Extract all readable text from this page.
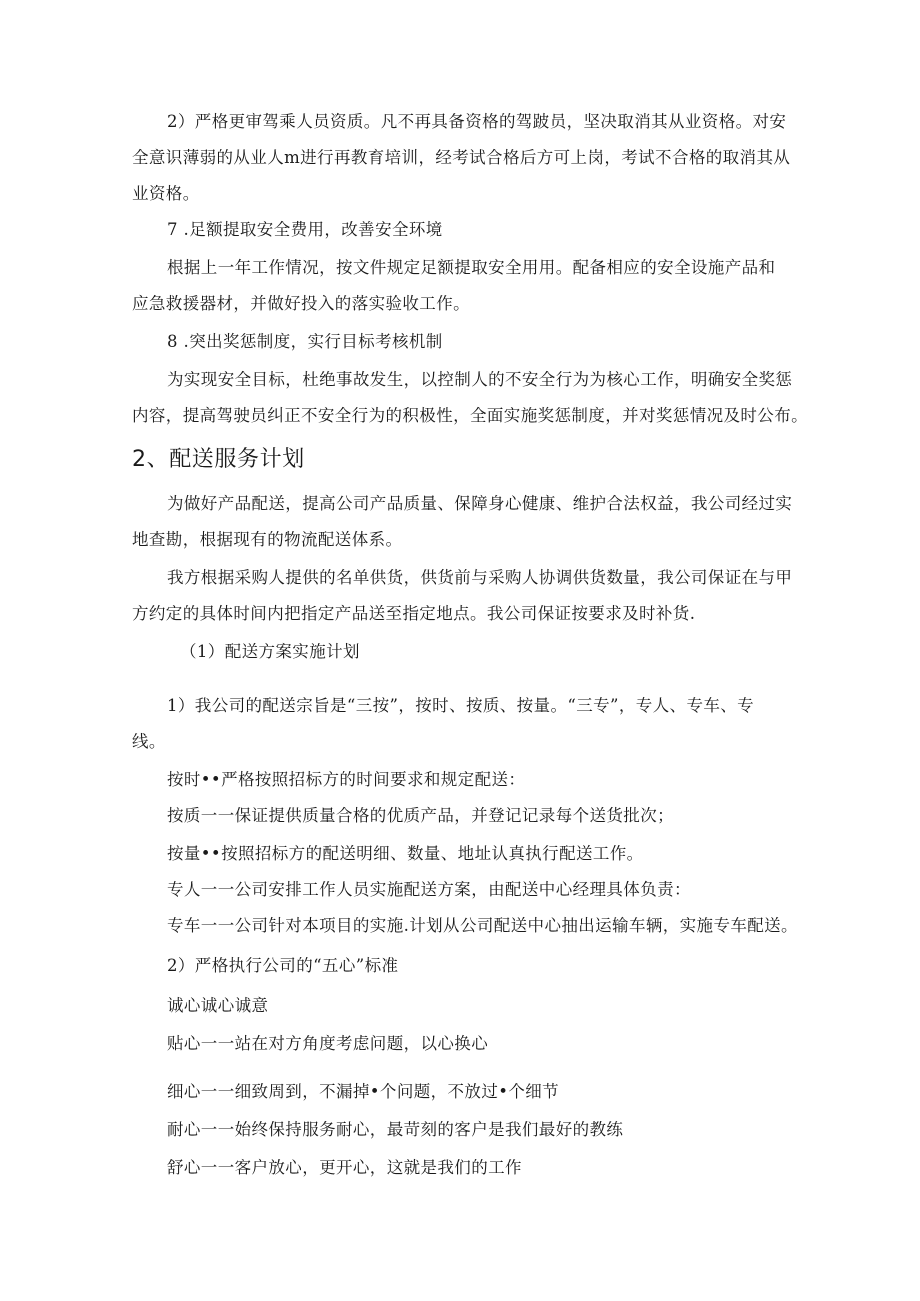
2）严格更审驾乘人员资质。凡不再具备资格的驾跛员，坚决取消其从业资格。对安
全意识薄弱的从业人m进行再教育培训，经考试合格后方可上岗，考试不合格的取消其从
业资格。
7 .足额提取安全费用，改善安全环境
根据上一年工作情况，按文件规定足额提取安全用用。配备相应的安全设施产品和
应急救援器材，并做好投入的落实验收工作。
8 .突出奖惩制度，实行目标考核机制
为实现安全目标，杜绝事故发生，以控制人的不安全行为为核心工作，明确安全奖惩
内容，提高驾驶员纠正不安全行为的积极性，全面实施奖惩制度，并对奖惩情况及时公布。
2、配送服务计划
为做好产品配送，提高公司产品质量、保障身心健康、维护合法权益，我公司经过实
地查勘，根据现有的物流配送体系。
我方根据采购人提供的名单供货，供货前与采购人协调供货数量，我公司保证在与甲
方约定的具体时间内把指定产品送至指定地点。我公司保证按要求及时补货.
（1）配送方案实施计划
1）我公司的配送宗旨是“三按”，按时、按质、按量。“三专”，专人、专车、专
线。
按时••严格按照招标方的时间要求和规定配送：
按质一一保证提供质量合格的优质产品，并登记记录每个送货批次；
按量••按照招标方的配送明细、数量、地址认真执行配送工作。
专人一一公司安排工作人员实施配送方案，由配送中心经理具体负责：
专车一一公司针对本项目的实施.计划从公司配送中心抽出运输车辆，实施专车配送。
2）严格执行公司的“五心”标准
诚心诚心诚意
贴心一一站在对方角度考虑问题，以心换心
细心一一细致周到，不漏掉•个问题，不放过•个细节
耐心一一始终保持服务耐心，最苛刻的客户是我们最好的教练
舒心一一客户放心，更开心，这就是我们的工作
